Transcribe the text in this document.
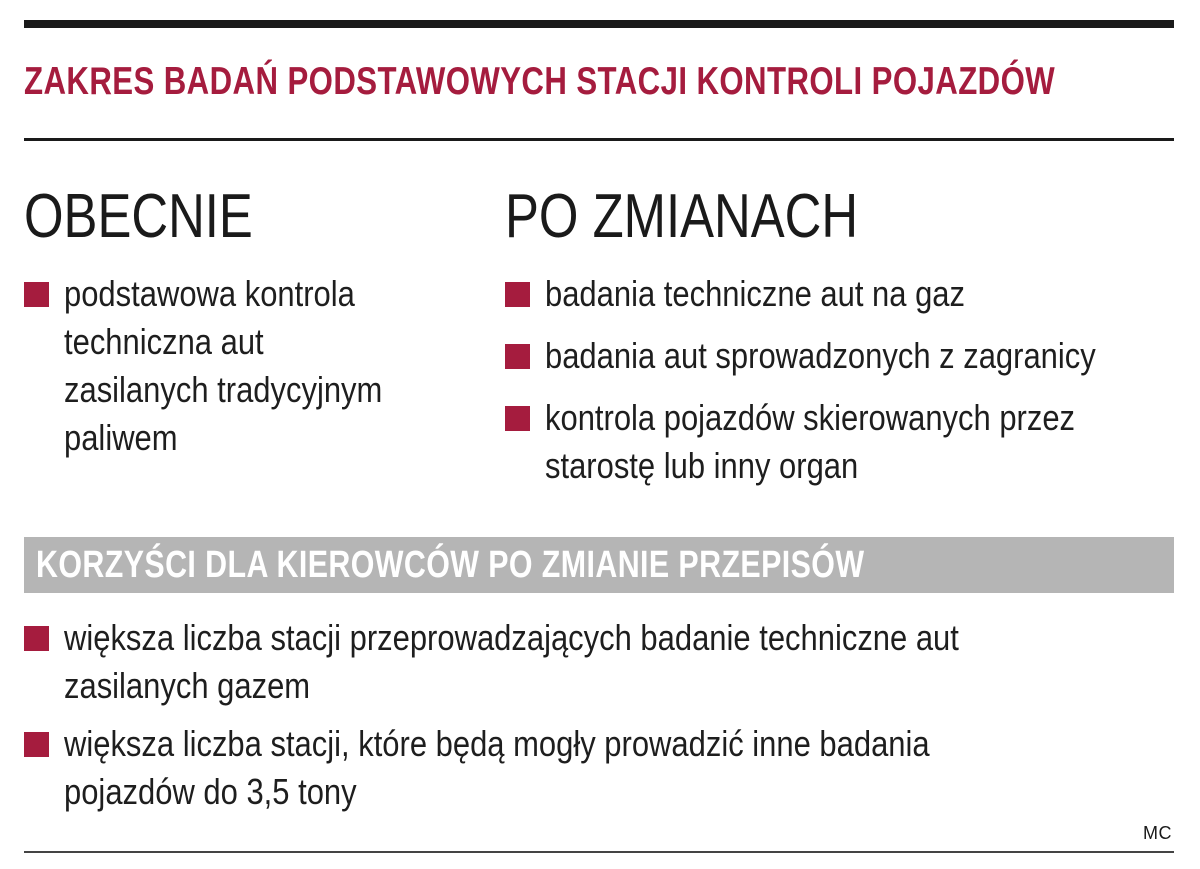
ZAKRES BADAŃ PODSTAWOWYCH STACJI KONTROLI POJAZDÓW
OBECNIE
podstawowa kontrola
techniczna aut
zasilanych tradycyjnym
paliwem
PO ZMIANACH
badania techniczne aut na gaz
badania aut sprowadzonych z zagranicy
kontrola pojazdów skierowanych przez
starostę lub inny organ
KORZYŚCI DLA KIEROWCÓW PO ZMIANIE PRZEPISÓW
większa liczba stacji przeprowadzających badanie techniczne aut
zasilanych gazem
większa liczba stacji, które będą mogły prowadzić inne badania
pojazdów do 3,5 tony
MC
